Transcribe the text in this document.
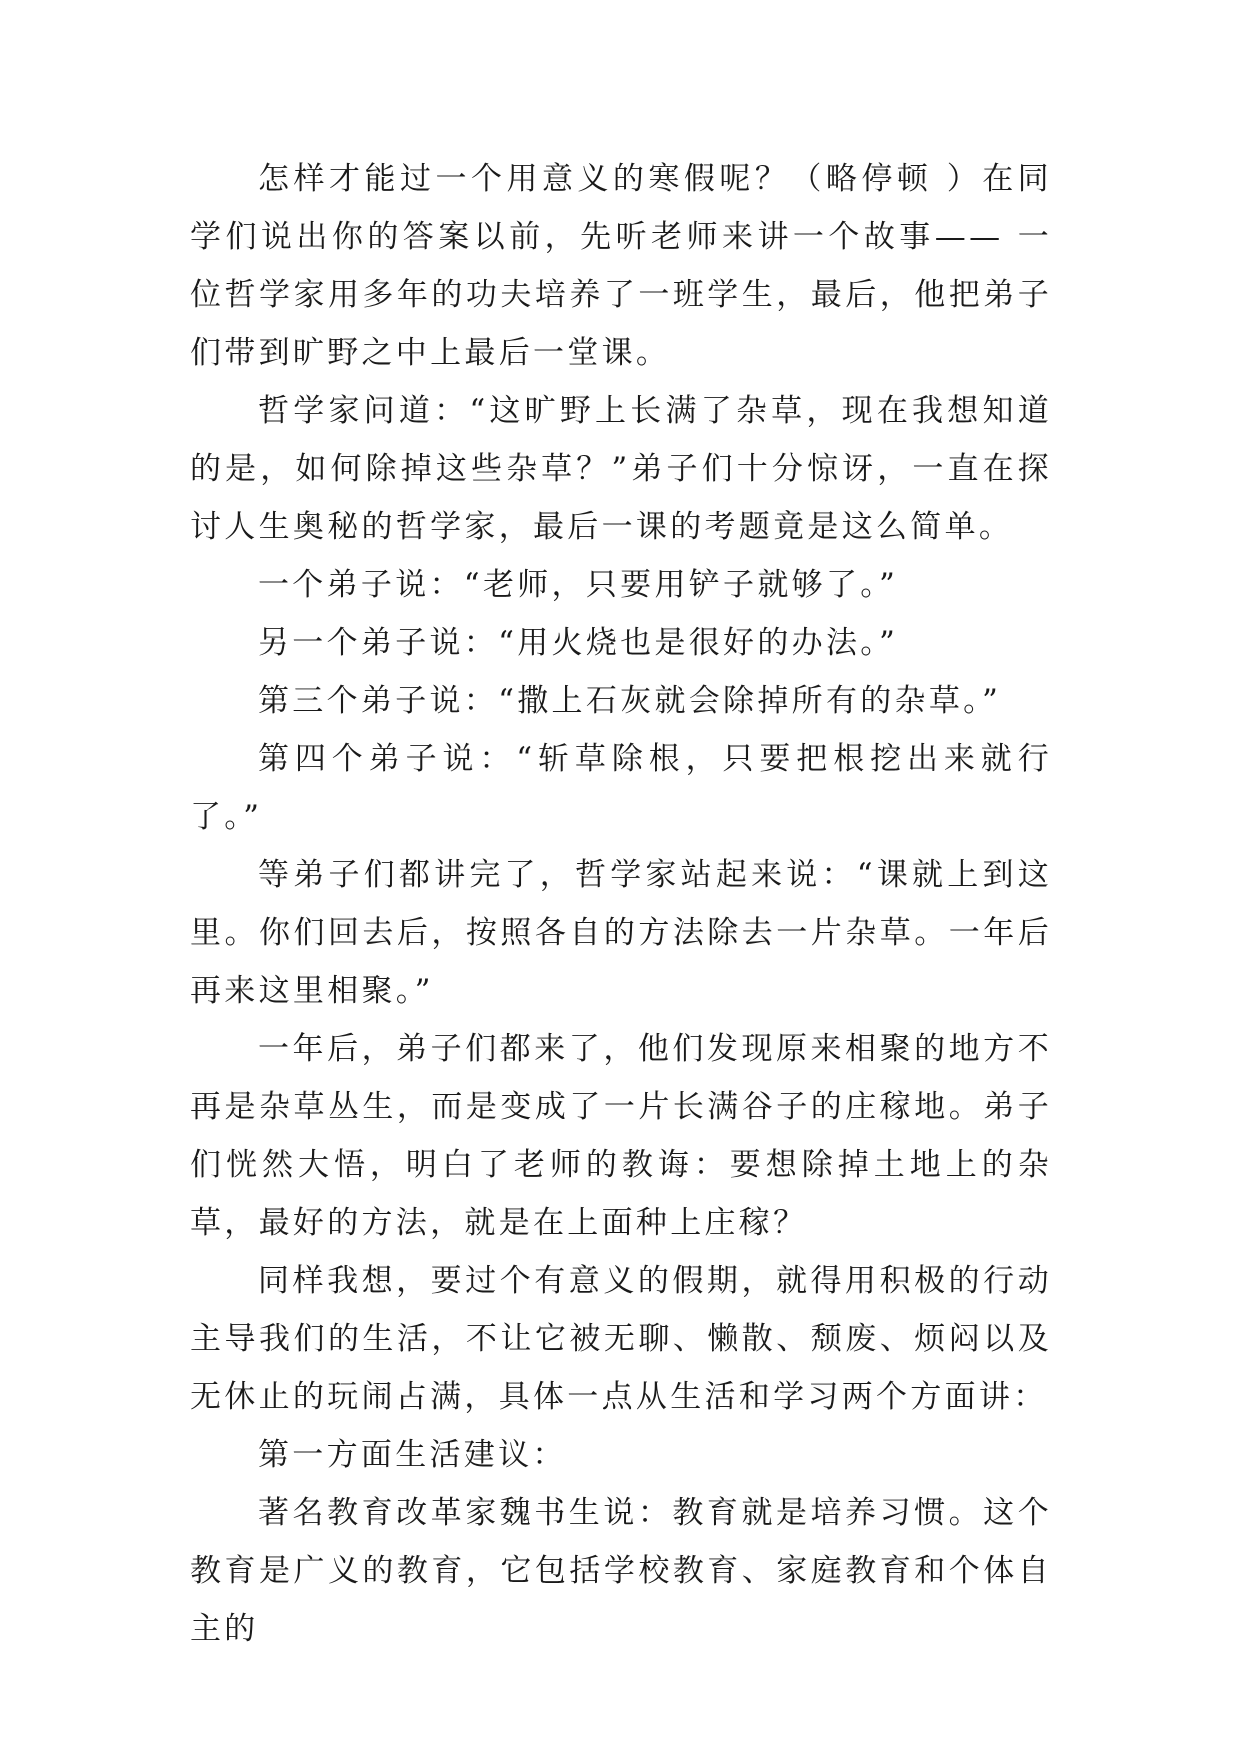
怎样才能过一个用意义的寒假呢？（略停顿 ）在同学们说出你的答案以前，先听老师来讲一个故事—— 一位哲学家用多年的功夫培养了一班学生，最后，他把弟子们带到旷野之中上最后一堂课。

哲学家问道：“这旷野上长满了杂草，现在我想知道的是，如何除掉这些杂草？”弟子们十分惊讶，一直在探讨人生奥秘的哲学家，最后一课的考题竟是这么简单。

一个弟子说：“老师，只要用铲子就够了。”

另一个弟子说：“用火烧也是很好的办法。”

第三个弟子说：“撒上石灰就会除掉所有的杂草。”

第四个弟子说：“斩草除根，只要把根挖出来就行了。”

等弟子们都讲完了，哲学家站起来说：“课就上到这里。你们回去后，按照各自的方法除去一片杂草。一年后再来这里相聚。”

一年后，弟子们都来了，他们发现原来相聚的地方不再是杂草丛生，而是变成了一片长满谷子的庄稼地。弟子们恍然大悟，明白了老师的教诲：要想除掉土地上的杂草，最好的方法，就是在上面种上庄稼？

同样我想，要过个有意义的假期，就得用积极的行动主导我们的生活，不让它被无聊、懒散、颓废、烦闷以及无休止的玩闹占满，具体一点从生活和学习两个方面讲：

第一方面生活建议：

著名教育改革家魏书生说：教育就是培养习惯。这个教育是广义的教育，它包括学校教育、家庭教育和个体自主的
